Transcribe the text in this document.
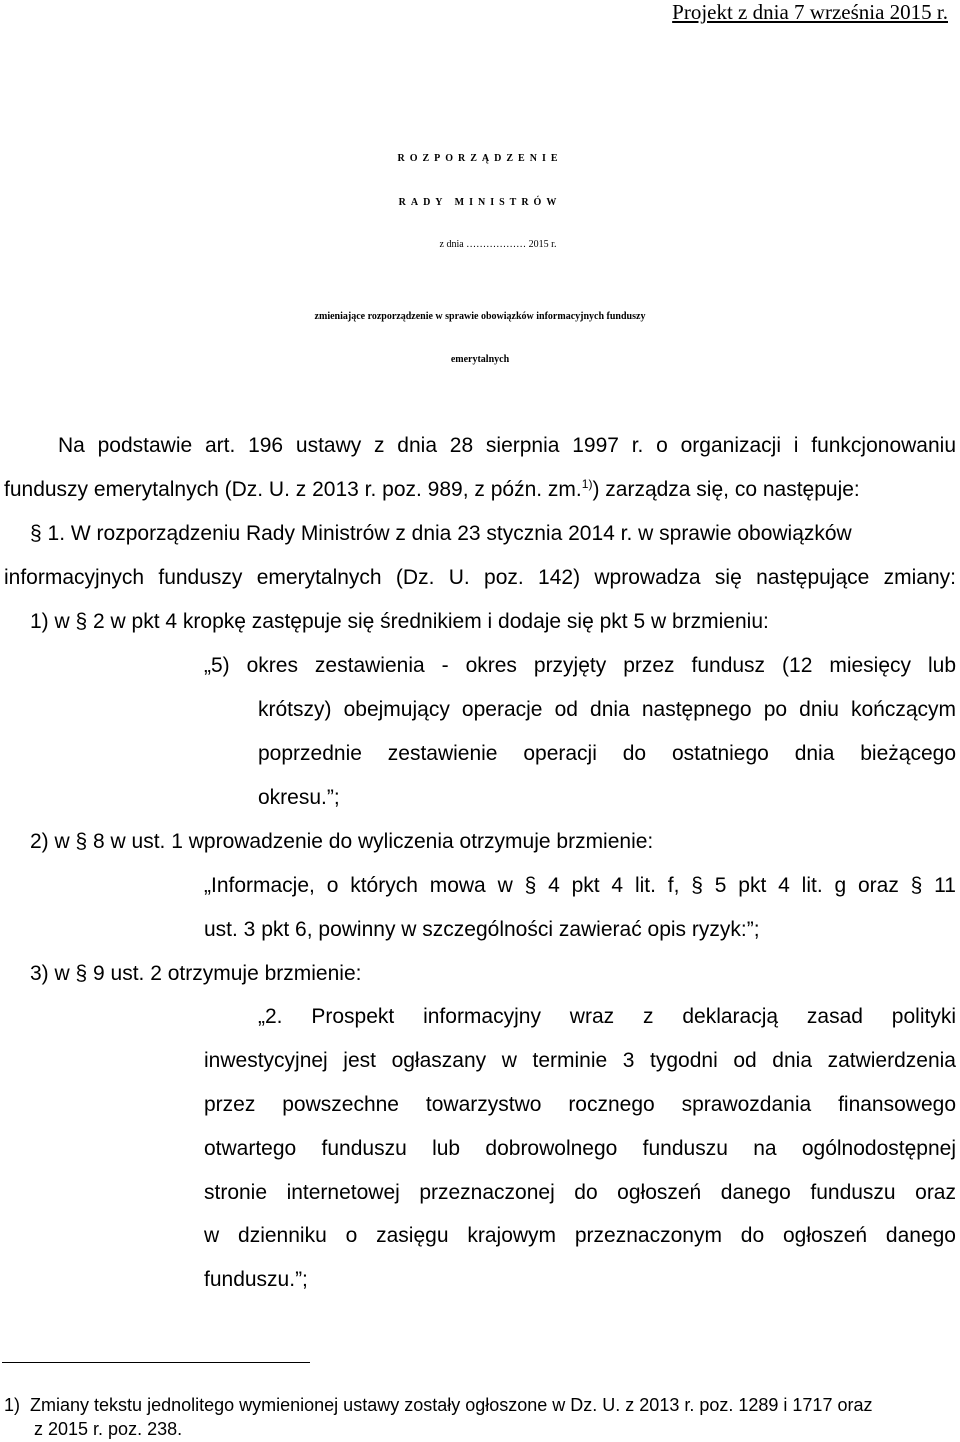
Projekt z dnia 7 września 2015 r.
ROZPORZĄDZENIE
RADY MINISTRÓW
z dnia ……………… 2015 r.
zmieniające rozporządzenie w sprawie obowiązków informacyjnych funduszy
emerytalnych
Na podstawie art. 196 ustawy z dnia 28 sierpnia 1997 r. o organizacji i funkcjonowaniu
funduszy emerytalnych (Dz. U. z 2013 r. poz. 989, z późn. zm.$^{1)}$) zarządza się, co następuje:
§ 1. W rozporządzeniu Rady Ministrów z dnia 23 stycznia 2014 r. w sprawie obowiązków
informacyjnych funduszy emerytalnych (Dz. U. poz. 142) wprowadza się następujące zmiany:
1) w § 2 w pkt 4 kropkę zastępuje się średnikiem i dodaje się pkt 5 w brzmieniu:
„5) okres zestawienia - okres przyjęty przez fundusz (12 miesięcy lub
krótszy) obejmujący operacje od dnia następnego po dniu kończącym
poprzednie zestawienie operacji do ostatniego dnia bieżącego
okresu.”;
2) w § 8 w ust. 1 wprowadzenie do wyliczenia otrzymuje brzmienie:
„Informacje, o których mowa w § 4 pkt 4 lit. f, § 5 pkt 4 lit. g oraz § 11
ust. 3 pkt 6, powinny w szczególności zawierać opis ryzyk:”;
3) w § 9 ust. 2 otrzymuje brzmienie:
„2. Prospekt informacyjny wraz z deklaracją zasad polityki
inwestycyjnej jest ogłaszany w terminie 3 tygodni od dnia zatwierdzenia
przez powszechne towarzystwo rocznego sprawozdania finansowego
otwartego funduszu lub dobrowolnego funduszu na ogólnodostępnej
stronie internetowej przeznaczonej do ogłoszeń danego funduszu oraz
w dzienniku o zasięgu krajowym przeznaczonym do ogłoszeń danego
funduszu.”;
1) Zmiany tekstu jednolitego wymienionej ustawy zostały ogłoszone w Dz. U. z 2013 r. poz. 1289 i 1717 oraz
z 2015 r. poz. 238.
